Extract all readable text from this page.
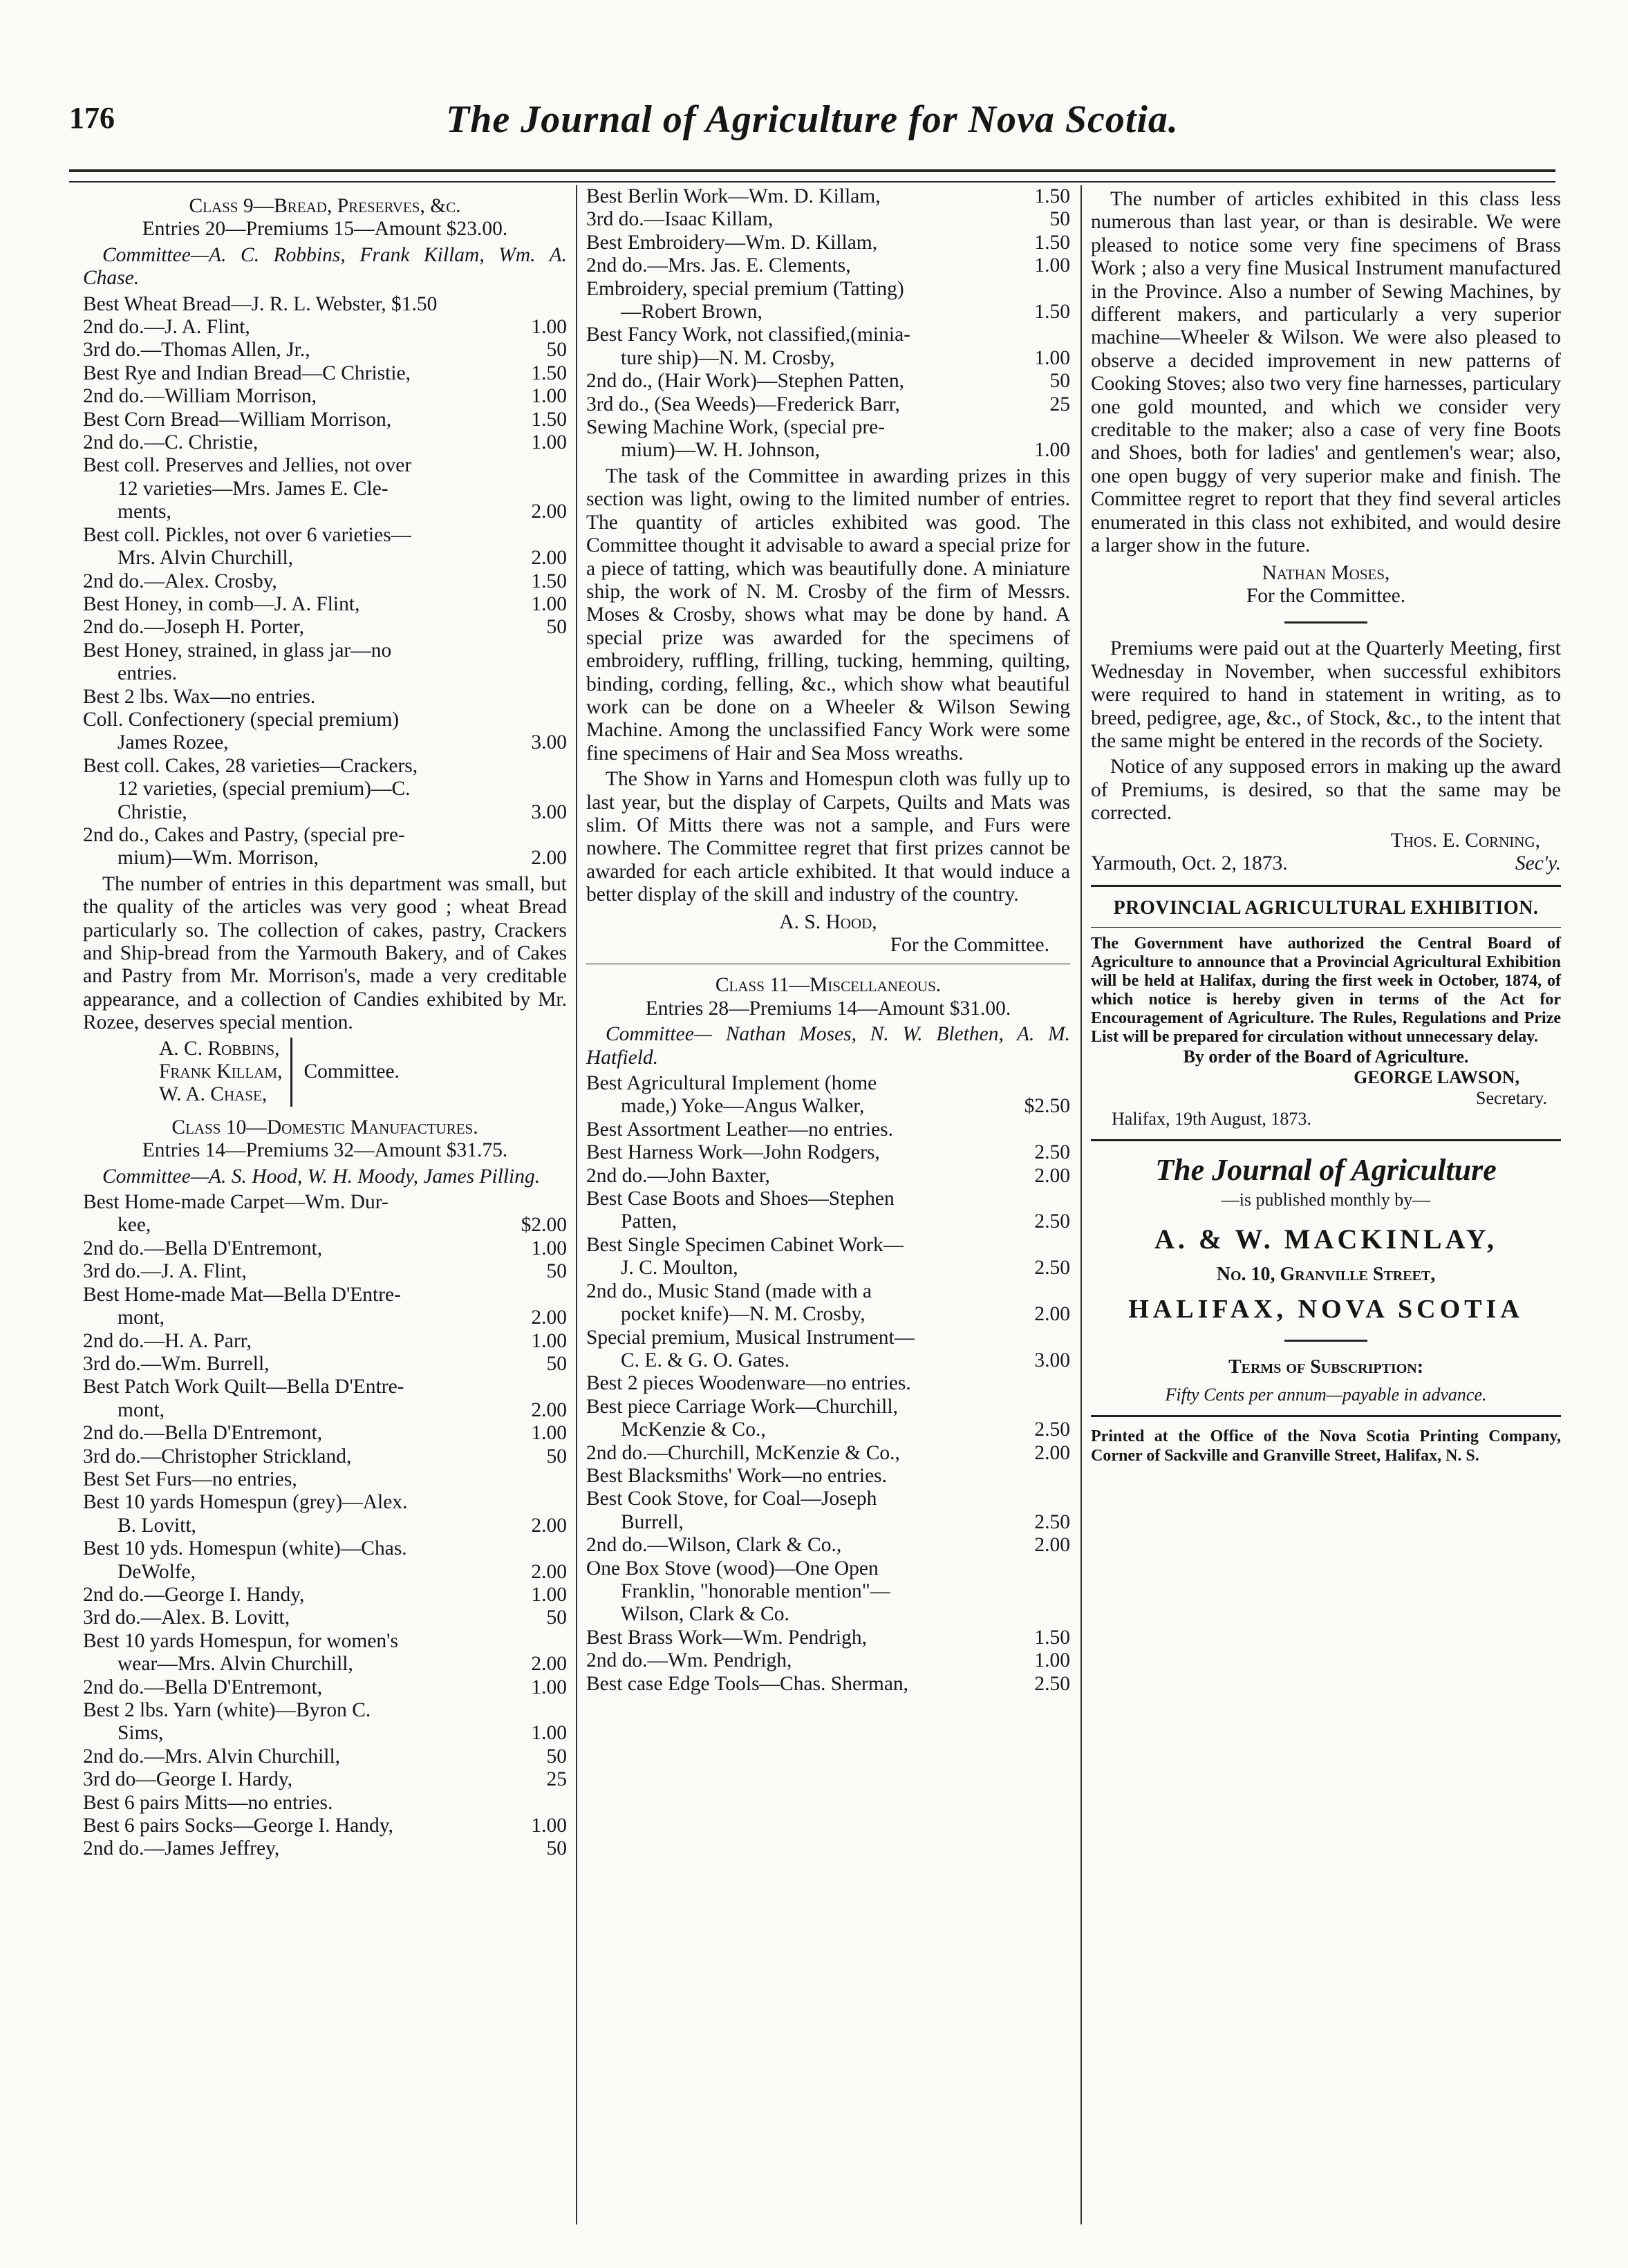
176	The Journal of Agriculture for Nova Scotia.
Class 9—Bread, Preserves, &c.
Entries 20—Premiums 15—Amount $23.00.
Committee—A. C. Robbins, Frank Killam, Wm. A. Chase.
Best Wheat Bread—J. R. L. Webster, $1.50
2nd do.—J. A. Flint,	1.00
3rd do.—Thomas Allen, Jr.,	50
Best Rye and Indian Bread—C Christie,	1.50
2nd do.—William Morrison,	1.00
Best Corn Bread—William Morrison,	1.50
2nd do.—C. Christie,	1.00
Best coll. Preserves and Jellies, not over
12 varieties—Mrs. James E. Cle-
ments,	2.00
Best coll. Pickles, not over 6 varieties—
Mrs. Alvin Churchill,	2.00
2nd do.—Alex. Crosby,	1.50
Best Honey, in comb—J. A. Flint,	1.00
2nd do.—Joseph H. Porter,	50
Best Honey, strained, in glass jar—no
entries.
Best 2 lbs. Wax—no entries.
Coll. Confectionery (special premium)
James Rozee,	3.00
Best coll. Cakes, 28 varieties—Crackers,
12 varieties, (special premium)—C.
Christie,	3.00
2nd do., Cakes and Pastry, (special pre-
mium)—Wm. Morrison,	2.00
The number of entries in this department was small, but the quality of the articles was very good ; wheat Bread particularly so. The collection of cakes, pastry, Crackers and Ship-bread from the Yarmouth Bakery, and of Cakes and Pastry from Mr. Morrison's, made a very creditable appearance, and a collection of Candies exhibited by Mr. Rozee, deserves special mention.
A. C. Robbins,
Frank Killam,
W. A. Chase,
Committee.
Class 10—Domestic Manufactures.
Entries 14—Premiums 32—Amount $31.75.
Committee—A. S. Hood, W. H. Moody, James Pilling.
Best Home-made Carpet—Wm. Dur-
kee,	$2.00
2nd do.—Bella D'Entremont,	1.00
3rd do.—J. A. Flint,	50
Best Home-made Mat—Bella D'Entre-
mont,	2.00
2nd do.—H. A. Parr,	1.00
3rd do.—Wm. Burrell,	50
Best Patch Work Quilt—Bella D'Entre-
mont,	2.00
2nd do.—Bella D'Entremont,	1.00
3rd do.—Christopher Strickland,	50
Best Set Furs—no entries,
Best 10 yards Homespun (grey)—Alex.
B. Lovitt,	2.00
Best 10 yds. Homespun (white)—Chas.
DeWolfe,	2.00
2nd do.—George I. Handy,	1.00
3rd do.—Alex. B. Lovitt,	50
Best 10 yards Homespun, for women's
wear—Mrs. Alvin Churchill,	2.00
2nd do.—Bella D'Entremont,	1.00
Best 2 lbs. Yarn (white)—Byron C.
Sims,	1.00
2nd do.—Mrs. Alvin Churchill,	50
3rd do—George I. Hardy,	25
Best 6 pairs Mitts—no entries.
Best 6 pairs Socks—George I. Handy,	1.00
2nd do.—James Jeffrey,	50
Best Berlin Work—Wm. D. Killam,	1.50
3rd do.—Isaac Killam,	50
Best Embroidery—Wm. D. Killam,	1.50
2nd do.—Mrs. Jas. E. Clements,	1.00
Embroidery, special premium (Tatting)
—Robert Brown,	1.50
Best Fancy Work, not classified,(minia-
ture ship)—N. M. Crosby,	1.00
2nd do., (Hair Work)—Stephen Patten,	50
3rd do., (Sea Weeds)—Frederick Barr,	25
Sewing Machine Work, (special pre-
mium)—W. H. Johnson,	1.00
The task of the Committee in awarding prizes in this section was light, owing to the limited number of entries. The quantity of articles exhibited was good. The Committee thought it advisable to award a special prize for a piece of tatting, which was beautifully done. A miniature ship, the work of N. M. Crosby of the firm of Messrs. Moses & Crosby, shows what may be done by hand. A special prize was awarded for the specimens of embroidery, ruffling, frilling, tucking, hemming, quilting, binding, cording, felling, &c., which show what beautiful work can be done on a Wheeler & Wilson Sewing Machine. Among the unclassified Fancy Work were some fine specimens of Hair and Sea Moss wreaths.
The Show in Yarns and Homespun cloth was fully up to last year, but the display of Carpets, Quilts and Mats was slim. Of Mitts there was not a sample, and Furs were nowhere. The Committee regret that first prizes cannot be awarded for each article exhibited. It that would induce a better display of the skill and industry of the country.
A. S. Hood,
For the Committee.
Class 11—Miscellaneous.
Entries 28—Premiums 14—Amount $31.00.
Committee— Nathan Moses, N. W. Blethen, A. M. Hatfield.
Best Agricultural Implement (home
made,) Yoke—Angus Walker,	$2.50
Best Assortment Leather—no entries.
Best Harness Work—John Rodgers,	2.50
2nd do.—John Baxter,	2.00
Best Case Boots and Shoes—Stephen
Patten,	2.50
Best Single Specimen Cabinet Work—
J. C. Moulton,	2.50
2nd do., Music Stand (made with a
pocket knife)—N. M. Crosby,	2.00
Special premium, Musical Instrument—
C. E. & G. O. Gates.	3.00
Best 2 pieces Woodenware—no entries.
Best piece Carriage Work—Churchill,
McKenzie & Co.,	2.50
2nd do.—Churchill, McKenzie & Co.,	2.00
Best Blacksmiths' Work—no entries.
Best Cook Stove, for Coal—Joseph
Burrell,	2.50
2nd do.—Wilson, Clark & Co.,	2.00
One Box Stove (wood)—One Open
Franklin, "honorable mention"—
Wilson, Clark & Co.
Best Brass Work—Wm. Pendrigh,	1.50
2nd do.—Wm. Pendrigh,	1.00
Best case Edge Tools—Chas. Sherman,	2.50
The number of articles exhibited in this class less numerous than last year, or than is desirable. We were pleased to notice some very fine specimens of Brass Work ; also a very fine Musical Instrument manufactured in the Province. Also a number of Sewing Machines, by different makers, and particularly a very superior machine—Wheeler & Wilson. We were also pleased to observe a decided improvement in new patterns of Cooking Stoves; also two very fine harnesses, particulary one gold mounted, and which we consider very creditable to the maker; also a case of very fine Boots and Shoes, both for ladies' and gentlemen's wear; also, one open buggy of very superior make and finish. The Committee regret to report that they find several articles enumerated in this class not exhibited, and would desire a larger show in the future.
Nathan Moses,
For the Committee.
Premiums were paid out at the Quarterly Meeting, first Wednesday in November, when successful exhibitors were required to hand in statement in writing, as to breed, pedigree, age, &c., of Stock, &c., to the intent that the same might be entered in the records of the Society.
Notice of any supposed errors in making up the award of Premiums, is desired, so that the same may be corrected.
Thos. E. Corning,
Yarmouth, Oct. 2, 1873.	Sec'y.
PROVINCIAL AGRICULTURAL EXHIBITION.
The Government have authorized the Central Board of Agriculture to announce that a Provincial Agricultural Exhibition will be held at Halifax, during the first week in October, 1874, of which notice is hereby given in terms of the Act for Encouragement of Agriculture. The Rules, Regulations and Prize List will be prepared for circulation without unnecessary delay.
By order of the Board of Agriculture.
GEORGE LAWSON,
Secretary.
Halifax, 19th August, 1873.
The Journal of Agriculture
—is published monthly by—
A. & W. MACKINLAY,
No. 10, Granville Street,
HALIFAX, NOVA SCOTIA
Terms of Subscription:
Fifty Cents per annum—payable in advance.
Printed at the Office of the Nova Scotia Printing Company, Corner of Sackville and Granville Street, Halifax, N. S.
